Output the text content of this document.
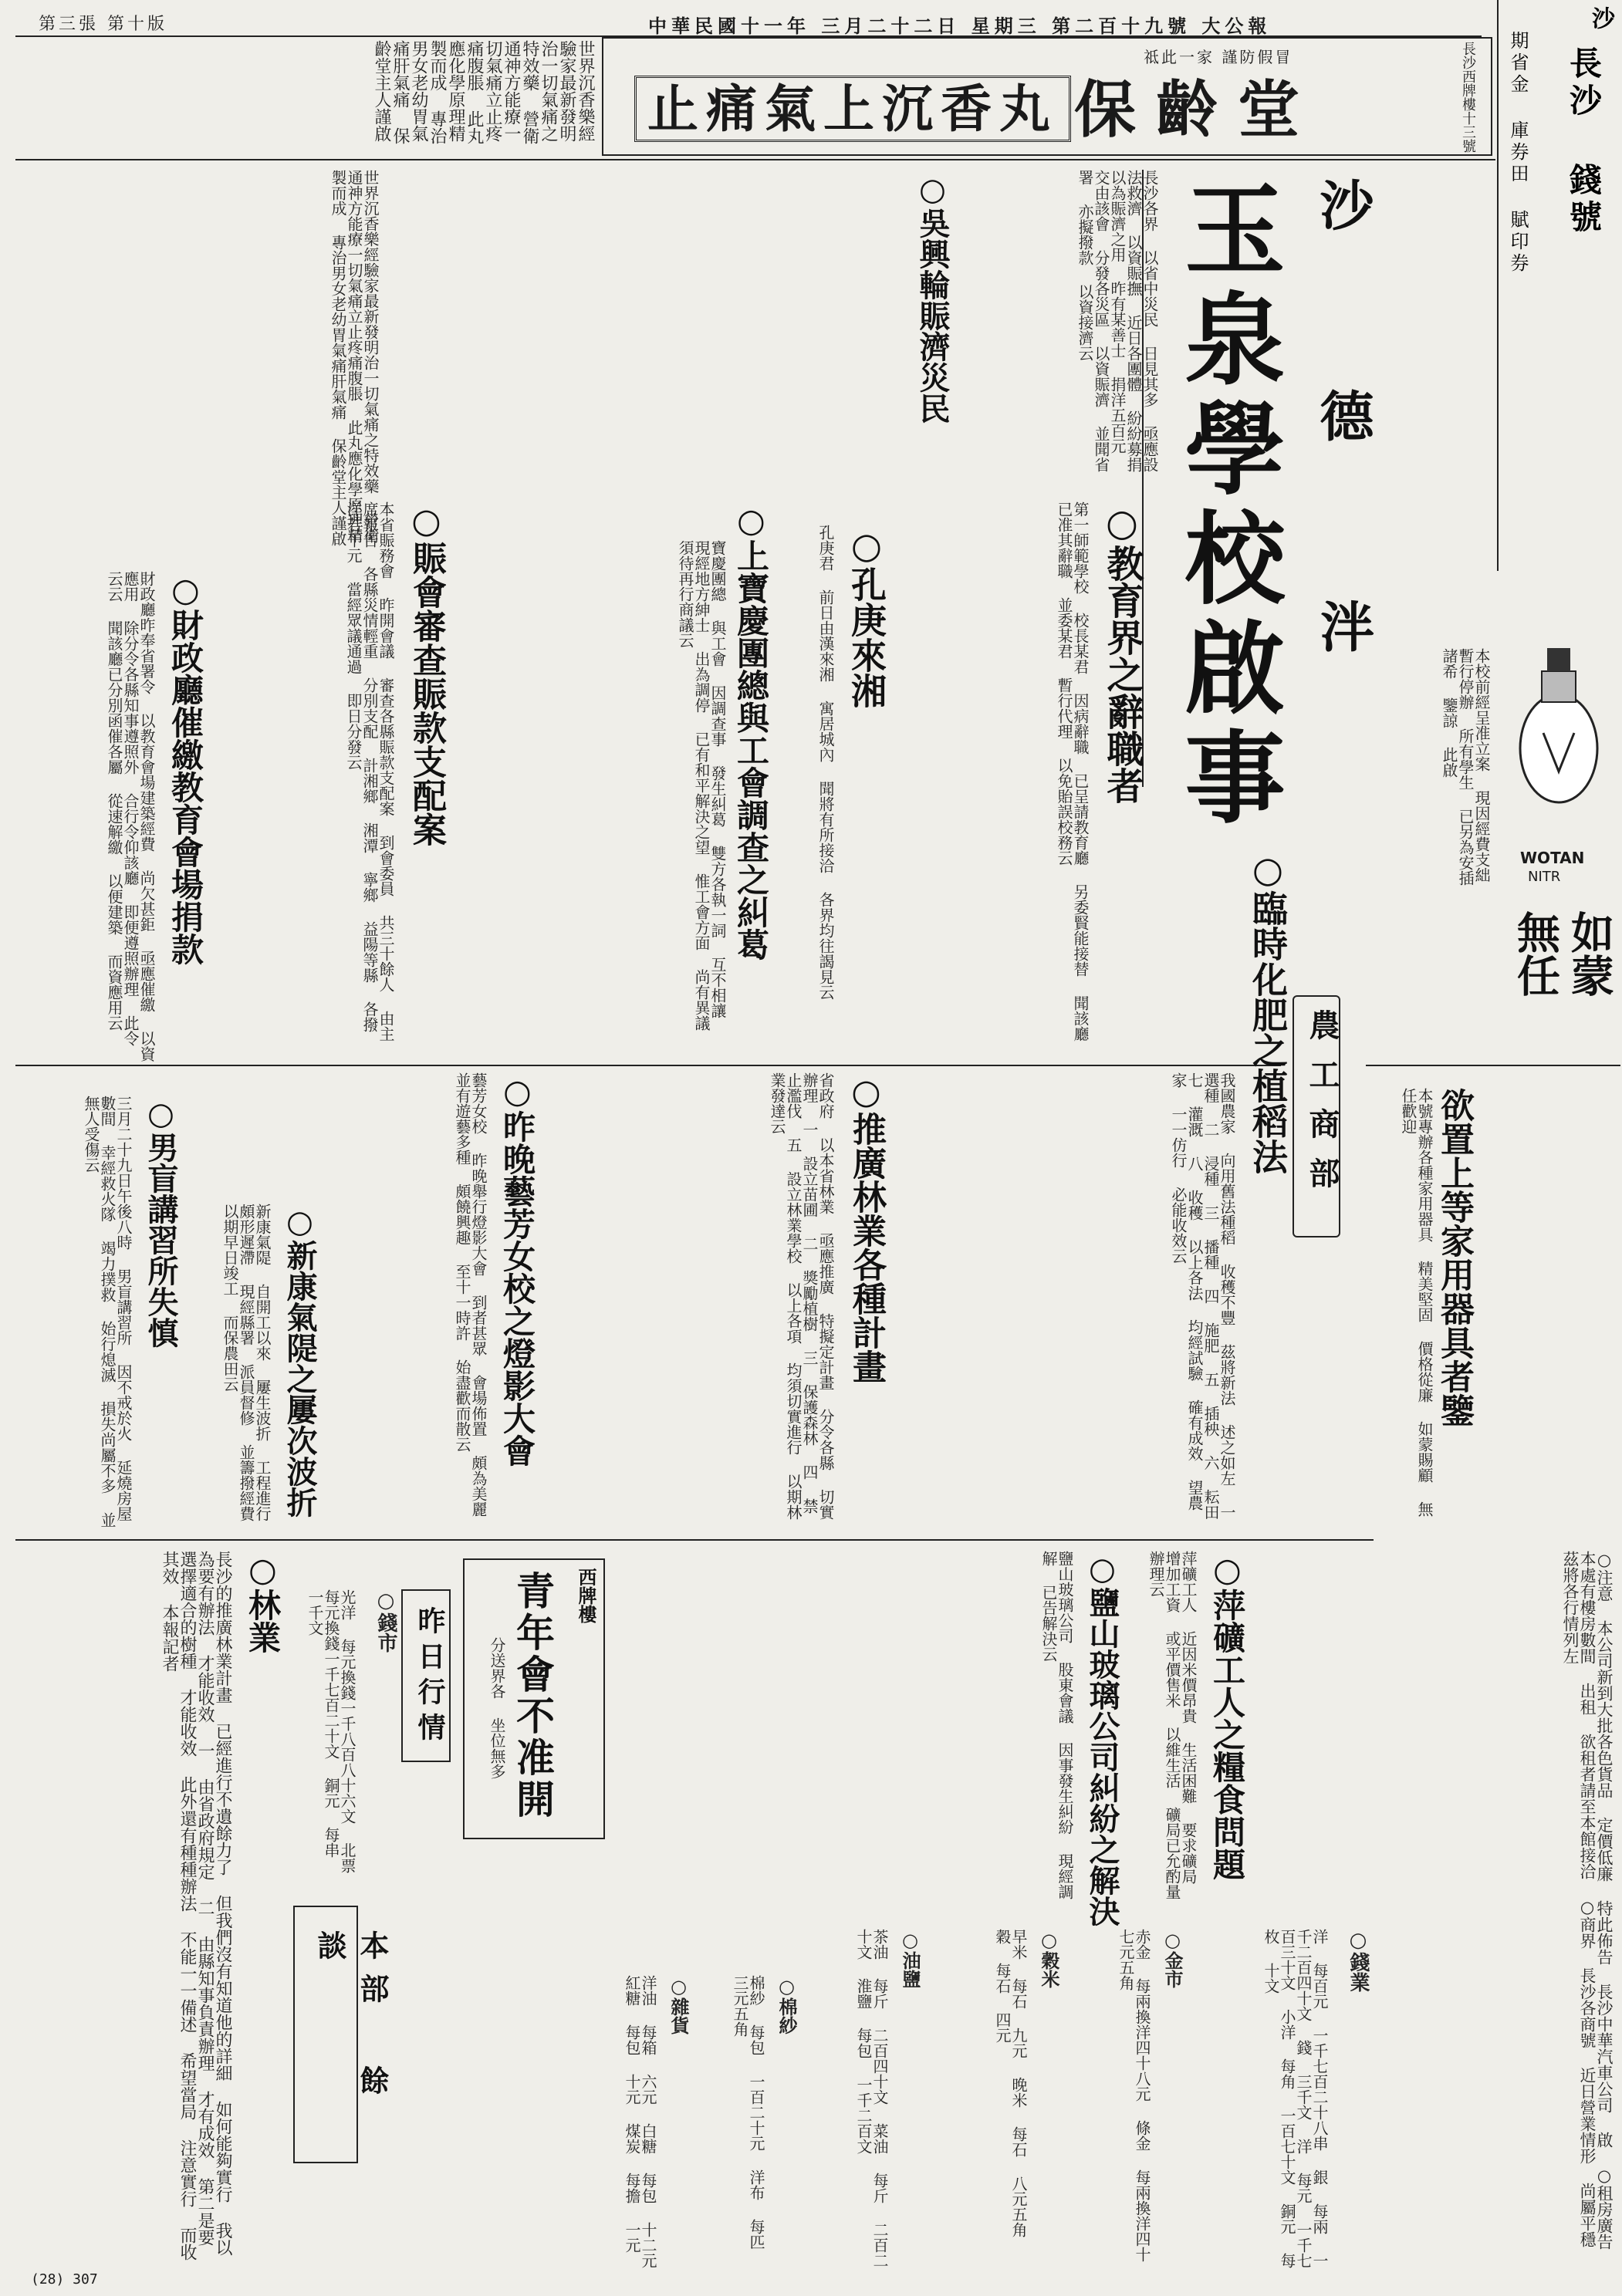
中華民國十一年 三月二十二日 星期三 第二百十九號 大公報
第三張 第十版	沙
長沙 錢號
期省金 庫券田 賦印券
保齡堂	長沙西牌樓十三號
祗此一家 謹防假冒
止痛氣上沉香丸
世界沉香樂經驗家最新發明治一切氣痛之特效藥 營衛通神方能療一切氣痛立止疼痛腹脹 此丸應化學原理精製而成 專治男女老幼胃氣痛肝氣痛 保齡堂主人謹啟
玉泉學校啟事 沙 德 泮
本校前經呈准立案 現因經費支絀 暫行停辦 所有學生 已另為安插 諸希 鑒諒 此啟
WOTAN
NITR
如蒙
無任
欲置上等家用器具者鑒
本號專辦各種家用器具 精美堅固 價格從廉 如蒙賜顧 無任歡迎
○注意 本公司新到大批各色貨品 定價低廉 特此佈告 長沙中華汽車公司 啟 ○租房廣告 本處有樓房數間 出租 欲租者請至本館接洽 ○商界 長沙各商號 近日營業情形 尚屬平穩 茲將各行情列左
農工商部
○教育界之辭職者
第一師範學校 校長某君 因病辭職 已呈請教育廳 另委賢能接替 聞該廳已准其辭職 並委某君 暫行代理 以免貽誤校務云
○孔庚來湘
孔庚君 前日由漢來湘 寓居城內 聞將有所接洽 各界均往謁見云
○上寶慶團總與工會調查之糾葛
寶慶團總 與工會 因調查事 發生糾葛 雙方各執一詞 互不相讓 現經地方紳士 出為調停 已有和平解決之望 惟工會方面 尚有異議 須待再行商議云
長沙各界 以省中災民 日見其多 亟應設法救濟 以資賑撫 近日各團體 紛紛募捐 以為賑濟之用 昨有某善士 捐洋五百元 交由該會 分發各災區 以資賑濟 並聞省署 亦擬撥款 以資接濟云
○吳興輪賑濟災民
○賑會審查賑款支配案
本省賑務會 昨開會議 審查各縣賑款支配案 到會委員 共三十餘人 由主席報告 各縣災情輕重 分別支配 計湘鄉 湘潭 寧鄉 益陽等縣 各撥洋若干元 當經眾議通過 即日分發云
○財政廳催繳教育會場捐款
財政廳昨奉省署令 以教育會場建築經費 尚欠甚鉅 亟應催繳 以資應用 除分令各縣知事遵照外 合行令仰該廳 即便遵照辦理 此令 云云 聞該廳已分別函催各屬 從速解繳 以便建築 而資應用云
世界沉香樂經驗家最新發明治一切氣痛之特效藥 營衛通神方能療一切氣痛立止疼痛腹脹 此丸應化學原理精製而成 專治男女老幼胃氣痛肝氣痛 保齡堂主人謹啟
○臨時化肥之植稻法
我國農家 向用舊法種稻 收穫不豐 茲將新法 述之如左 一 選種 二 浸種 三 播種 四 施肥 五 插秧 六 耘田 七 灌溉 八 收穫 以上各法 均經試驗 確有成效 望農家 一一仿行 必能收效云
○推廣林業各種計畫
省政府 以本省林業 亟應推廣 特擬定計畫 分令各縣 切實辦理 一 設立苗圃 二 獎勵植樹 三 保護森林 四 禁止濫伐 五 設立林業學校 以上各項 均須切實進行 以期林業發達云
○昨晚藝芳女校之燈影大會
藝芳女校 昨晚舉行燈影大會 到者甚眾 會場佈置 頗為美麗 並有遊藝多種 頗饒興趣 至十一時許 始盡歡而散云
○新康氣隄之屢次波折
新康氣隄 自開工以來 屢生波折 工程進行 頗形遲滯 現經縣署 派員督修 並籌撥經費 以期早日竣工 而保農田云
○男盲講習所失慎
三月二十九日午後八時 男盲講習所 因不戒於火 延燒房屋數間 幸經救火隊 竭力撲救 始行熄滅 損失尚屬不多 並無人受傷云
○萍礦工人之糧食問題
萍礦工人 近因米價昂貴 生活困難 要求礦局 增加工資 或平價售米 以維生活 礦局已允酌量辦理云
○鹽山玻璃公司糾紛之解決
鹽山玻璃公司 股東會議 因事發生糾紛 現經調解 已告解決云
○錢業
洋 每百元 一千七百二十八串 銀 每兩 一千二百四十文 錢 三千文 洋 每元 一千七百三十文 小洋 每角 一百七十文 銅元 每枚 十文
○金市
赤金 每兩換洋四十八元 條金 每兩換洋四十七元五角
○穀米
早米 每石 九元 晚米 每石 八元五角 穀 每石 四元
○油鹽
茶油 每斤 二百四十文 菜油 每斤 二百二十文 淮鹽 每包 一千二百文
○棉紗
棉紗 每包 一百二十元 洋布 每匹 三元五角
○雜貨
洋油 每箱 六元 白糖 每包 十二元 紅糖 每包 十元 煤炭 每擔 一元
西牌樓
青年會不准開
分送界各 坐位無多
昨日行情
○錢市
光洋 每元換錢一千八百八十六文 北票 每元換錢一千七百二十文 銅元 每串 一千文
○林業
長沙的推廣林業計畫 已經進行不遺餘力了 但我們沒有知道他的詳細 如何能夠實行 我以為要有辦法 才能收效 一 由省政府規定 二 由縣知事負責辦理 才有成效 第二是要選擇適合的樹種 才能收效 此外還有種種辦法 不能一一備述 希望當局 注意實行 而收其效 本報記者
本部 餘 談
(28) 307
